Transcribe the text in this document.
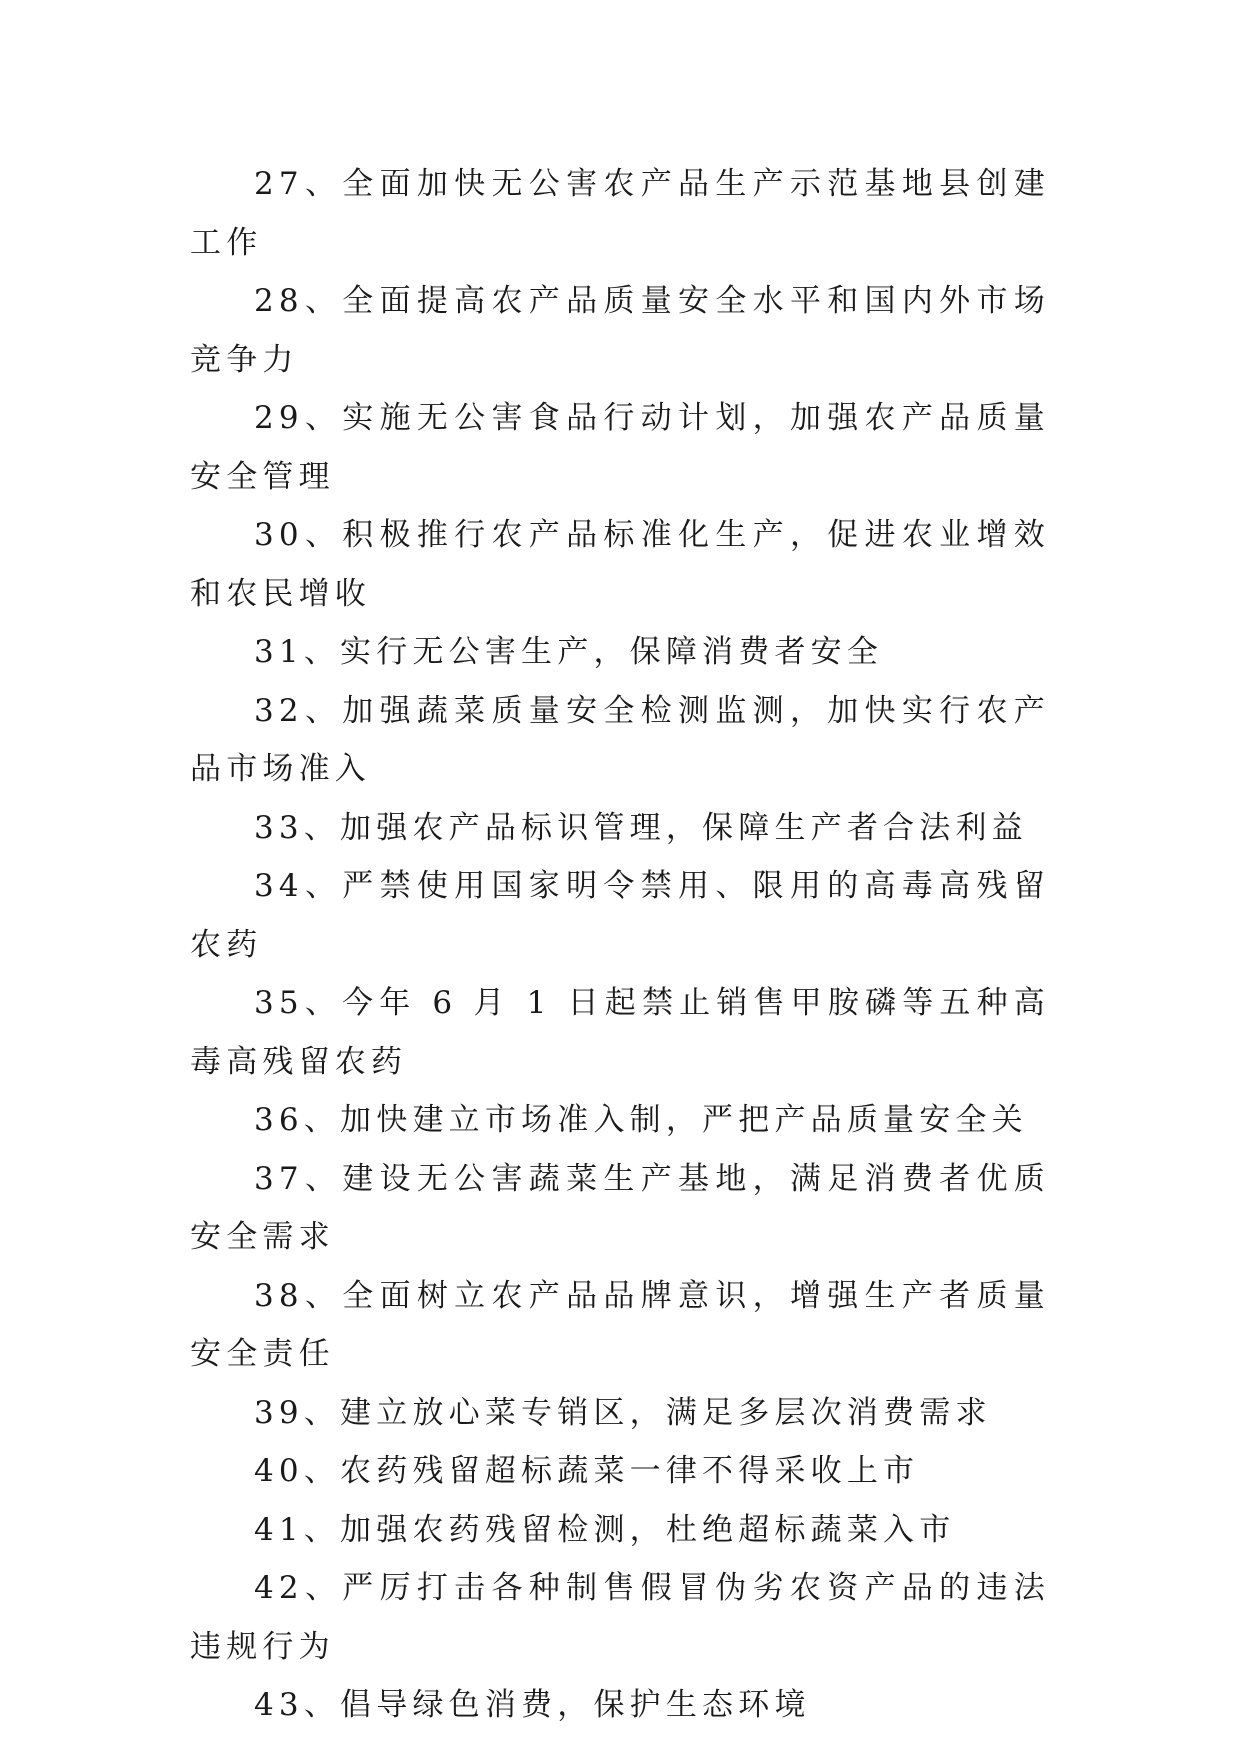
27、全面加快无公害农产品生产示范基地县创建工作

28、全面提高农产品质量安全水平和国内外市场竞争力

29、实施无公害食品行动计划，加强农产品质量安全管理

30、积极推行农产品标准化生产，促进农业增效和农民增收

31、实行无公害生产，保障消费者安全

32、加强蔬菜质量安全检测监测，加快实行农产品市场准入

33、加强农产品标识管理，保障生产者合法利益

34、严禁使用国家明令禁用、限用的高毒高残留农药

35、今年 6 月 1 日起禁止销售甲胺磷等五种高毒高残留农药

36、加快建立市场准入制，严把产品质量安全关

37、建设无公害蔬菜生产基地，满足消费者优质安全需求

38、全面树立农产品品牌意识，增强生产者质量安全责任

39、建立放心菜专销区，满足多层次消费需求

40、农药残留超标蔬菜一律不得采收上市

41、加强农药残留检测，杜绝超标蔬菜入市

42、严厉打击各种制售假冒伪劣农资产品的违法违规行为

43、倡导绿色消费，保护生态环境
